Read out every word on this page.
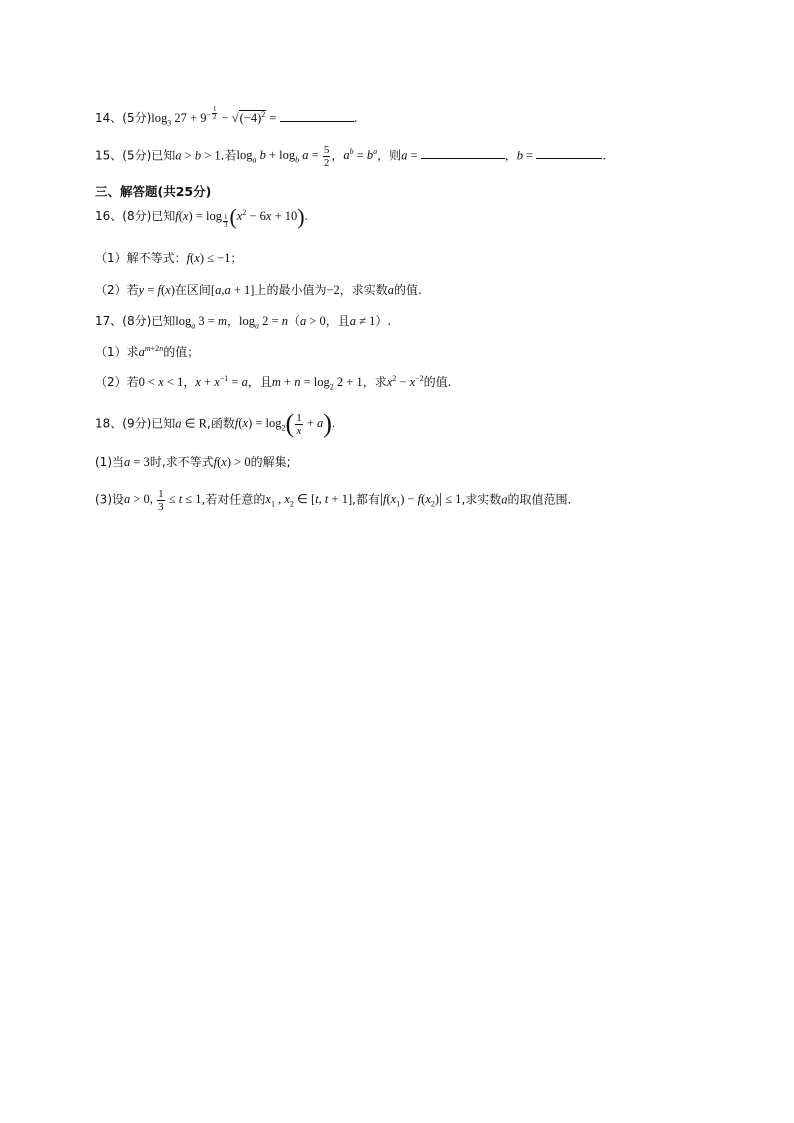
14、(5分)$\log_3$ $27 + 9^{- \frac{1}{2}} - √(-4)^2$ =	.
15、(5分)已知a > b > 1.若$\log_a b + \log_b a = \frac{5}{2}$ ，$a^b = b^a$，则a =	，b =	.
三、解答题(共25分)
16、(8分)已知f(x) = log $_{\frac{1}{3}}$ $(x^2 - 6x + 10)$.
（1）解不等式：f(x) ≤ −1；
（2）若y = f(x)在区间[a,a + 1]上的最小值为−2，求实数a的值.
17、(8分)已知$\log_a 3 = m$，$\log_a 2 = n(a > 0$，且a ≠ 1）.
（1）求$a^{m+2n}$的值；
（2）若0 < x < 1，$x + x^{-1} = a$，且$m + n = \log_2 2 + 1$，求$x^2 - x^{-2}$的值.
18、(9分)已知a ∈ R,函数$f(x) = \log_2( \frac{1}{x} + a)$.
(1)当a = 3时,求不等式f(x) > 0的解集;
(3)设a > 0, $\frac{1}{3} \le t \le 1$,若对任意的$x_1$ , $x_2$ ∈ [t, t + 1],都有$|f(x_1) - f(x_2)| \le 1$,求实数a的取值范围.
